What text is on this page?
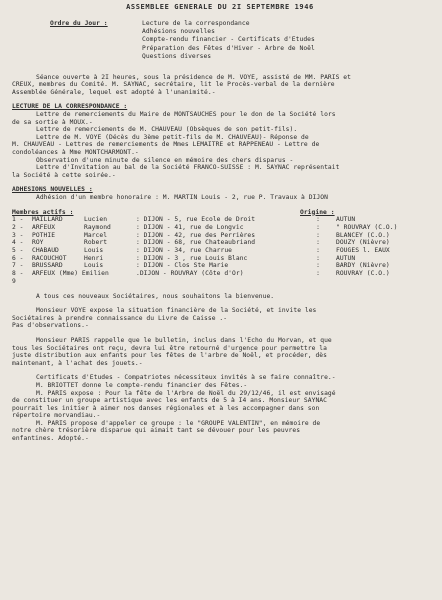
ASSEMBLEE GENERALE DU 2I SEPTEMBRE 1946
Ordre du Jour :	Lecture de la correspondance
Adhésions nouvelles
Compte-rendu financier - Certificats d'Etudes
Préparation des Fêtes d'Hiver - Arbre de Noël
Questions diverses
Séance ouverte à 2I heures, sous la présidence de M. VOYE, assisté de MM. PARIS et
CREUX, membres du Comité. M. SAYNAC, secrétaire, lit le Procès-verbal de la dernière
Assemblée Générale, lequel est adopté à l'unanimité.-
LECTURE DE LA CORRESPONDANCE :
Lettre de remerciements du Maire de MONTSAUCHES pour le don de la Société lors
de sa sortie à MOUX.-
Lettre de remerciements de M. CHAUVEAU (Obsèques de son petit-fils).
Lettre de M. VOYE (Décès du 3ème petit-fils de M. CHAUVEAU)- Réponse de
M. CHAUVEAU - Lettres de remerciements de Mmes LEMAITRE et RAPPENEAU - Lettre de
condoléances à Mme MONTCHARMONT.-
Observation d'une minute de silence en mémoire des chers disparus -
Lettre d'Invitation au bal de la Société FRANCO-SUISSE : M. SAYNAC représentait
la Société à cette soirée.-
ADHESIONS NOUVELLES :
Adhésion d'un membre honoraire : M. MARTIN Louis - 2, rue P. Travaux à DIJON
Membres actifs :	Origine :
1 -	MAILLARD	Lucien	: DIJON - 5, rue Ecole de Droit	:	AUTUN
2 -	ARFEUX	Raymond	: DIJON - 41, rue de Longvic	:	" ROUVRAY (C.O.)
3 -	POTHIE	Marcel	: DIJON - 42, rue des Perrières	:	BLANCEY (C.O.)
4 -	ROY	Robert	: DIJON - 68, rue Chateaubriand	:	DOUZY (Nièvre)
5 -	CHABAUD	Louis	: DIJON - 34, rue Charrue	:	FOUGES l. EAUX
6 -	RACOUCHOT	Henri	: DIJON - 3 , rue Louis Blanc	:	AUTUN
7 -	BRUSSARD	Louis	: DIJON - Clos Ste Marie	:	BARDY (Nièvre)
8 -	ARFEUX (Mme) Emilien	.DIJON - ROUVRAY (Côte d'Or)	:	ROUVRAY (C.O.)
9
A tous ces nouveaux Sociétaires, nous souhaitons la bienvenue.
Monsieur VOYE expose la situation financière de la Société, et invite les
Sociétaires à prendre connaissance du Livre de Caisse .-
Pas d'observations.-
Monsieur PARIS rappelle que le bulletin, inclus dans l'Echo du Morvan, et que
tous les Sociétaires ont reçu, devra lui être retourné d'urgence pour permettre la
juste distribution aux enfants pour les fêtes de l'arbre de Noël, et procéder, dès
maintenant, à l'achat des jouets.-
Certificats d'Etudes - Compatriotes nécessiteux invités à se faire connaître.-
M. BRIOTTET donne le compte-rendu financier des Fêtes.-
M. PARIS expose : Pour la fête de l'Arbre de Noël du 29/12/46, il est envisagé
de constituer un groupe artistique avec les enfants de 5 à I4 ans. Monsieur SAYNAC
pourrait les initier à aimer nos danses régionales et à les accompagner dans son
répertoire morvandiau.-
M. PARIS propose d'appeler ce groupe : le "GROUPE VALENTIN", en mémoire de
notre chère trésorière disparue qui aimait tant se dévouer pour les peuvres
enfantines. Adopté.-
